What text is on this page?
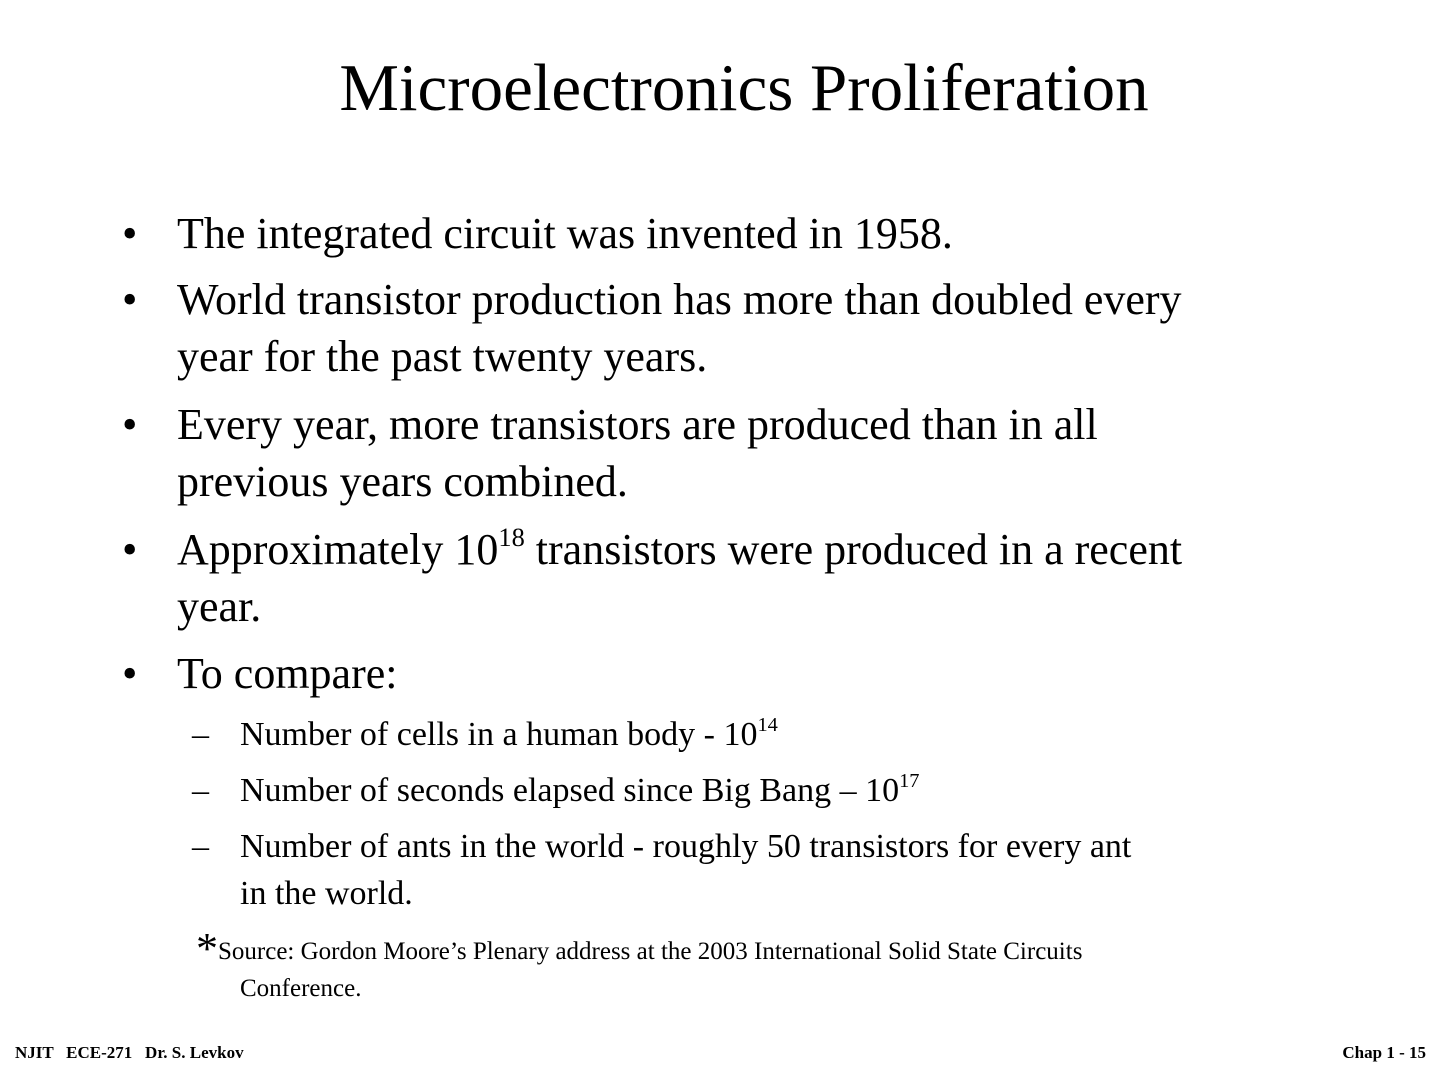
Microelectronics Proliferation
• The integrated circuit was invented in 1958.
• World transistor production has more than doubled every
year for the past twenty years.
• Every year, more transistors are produced than in all
previous years combined.
• Approximately $10^{18}$ transistors were produced in a recent
year.
• To compare:
– Number of cells in a human body - $10^{14}$
– Number of seconds elapsed since Big Bang – $10^{17}$
– Number of ants in the world - roughly 50 transistors for every ant
in the world.
*Source: Gordon Moore’s Plenary address at the 2003 International Solid State Circuits
Conference.
NJIT   ECE-271   Dr. S. Levkov	Chap 1 - 15
